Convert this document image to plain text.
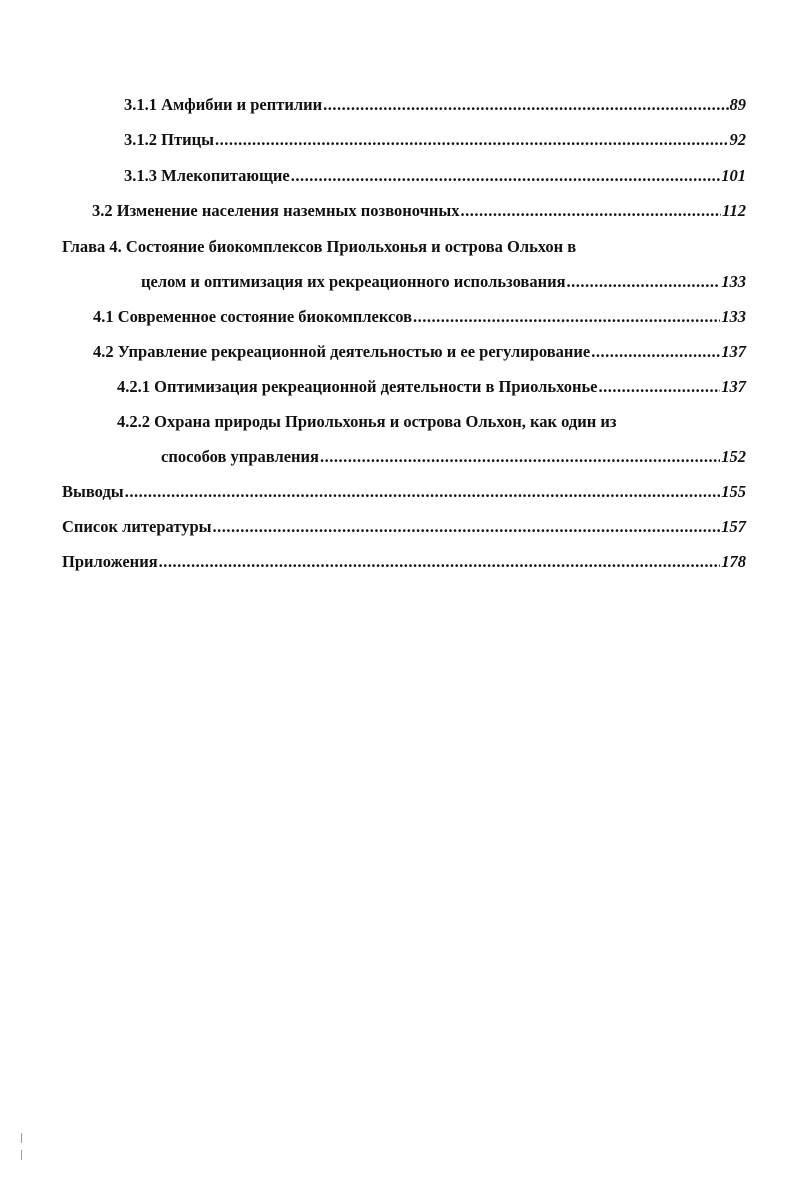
3.1.1 Амфибии и рептилии .....	89
3.1.2 Птицы .....	92
3.1.3 Млекопитающие .....	101
3.2 Изменение населения наземных позвоночных .....	112
Глава 4. Состояние биокомплексов Приольхонья и острова Ольхон в
целом и оптимизация их рекреационного использования .....	133
4.1 Современное состояние биокомплексов .....	133
4.2 Управление рекреационной деятельностью и ее регулирование .....	137
4.2.1 Оптимизация рекреационной деятельности в Приольхонье .....	137
4.2.2 Охрана природы Приольхонья и острова Ольхон, как один из
способов управления .....	152
Выводы .....	155
Список литературы .....	157
Приложения .....	178
